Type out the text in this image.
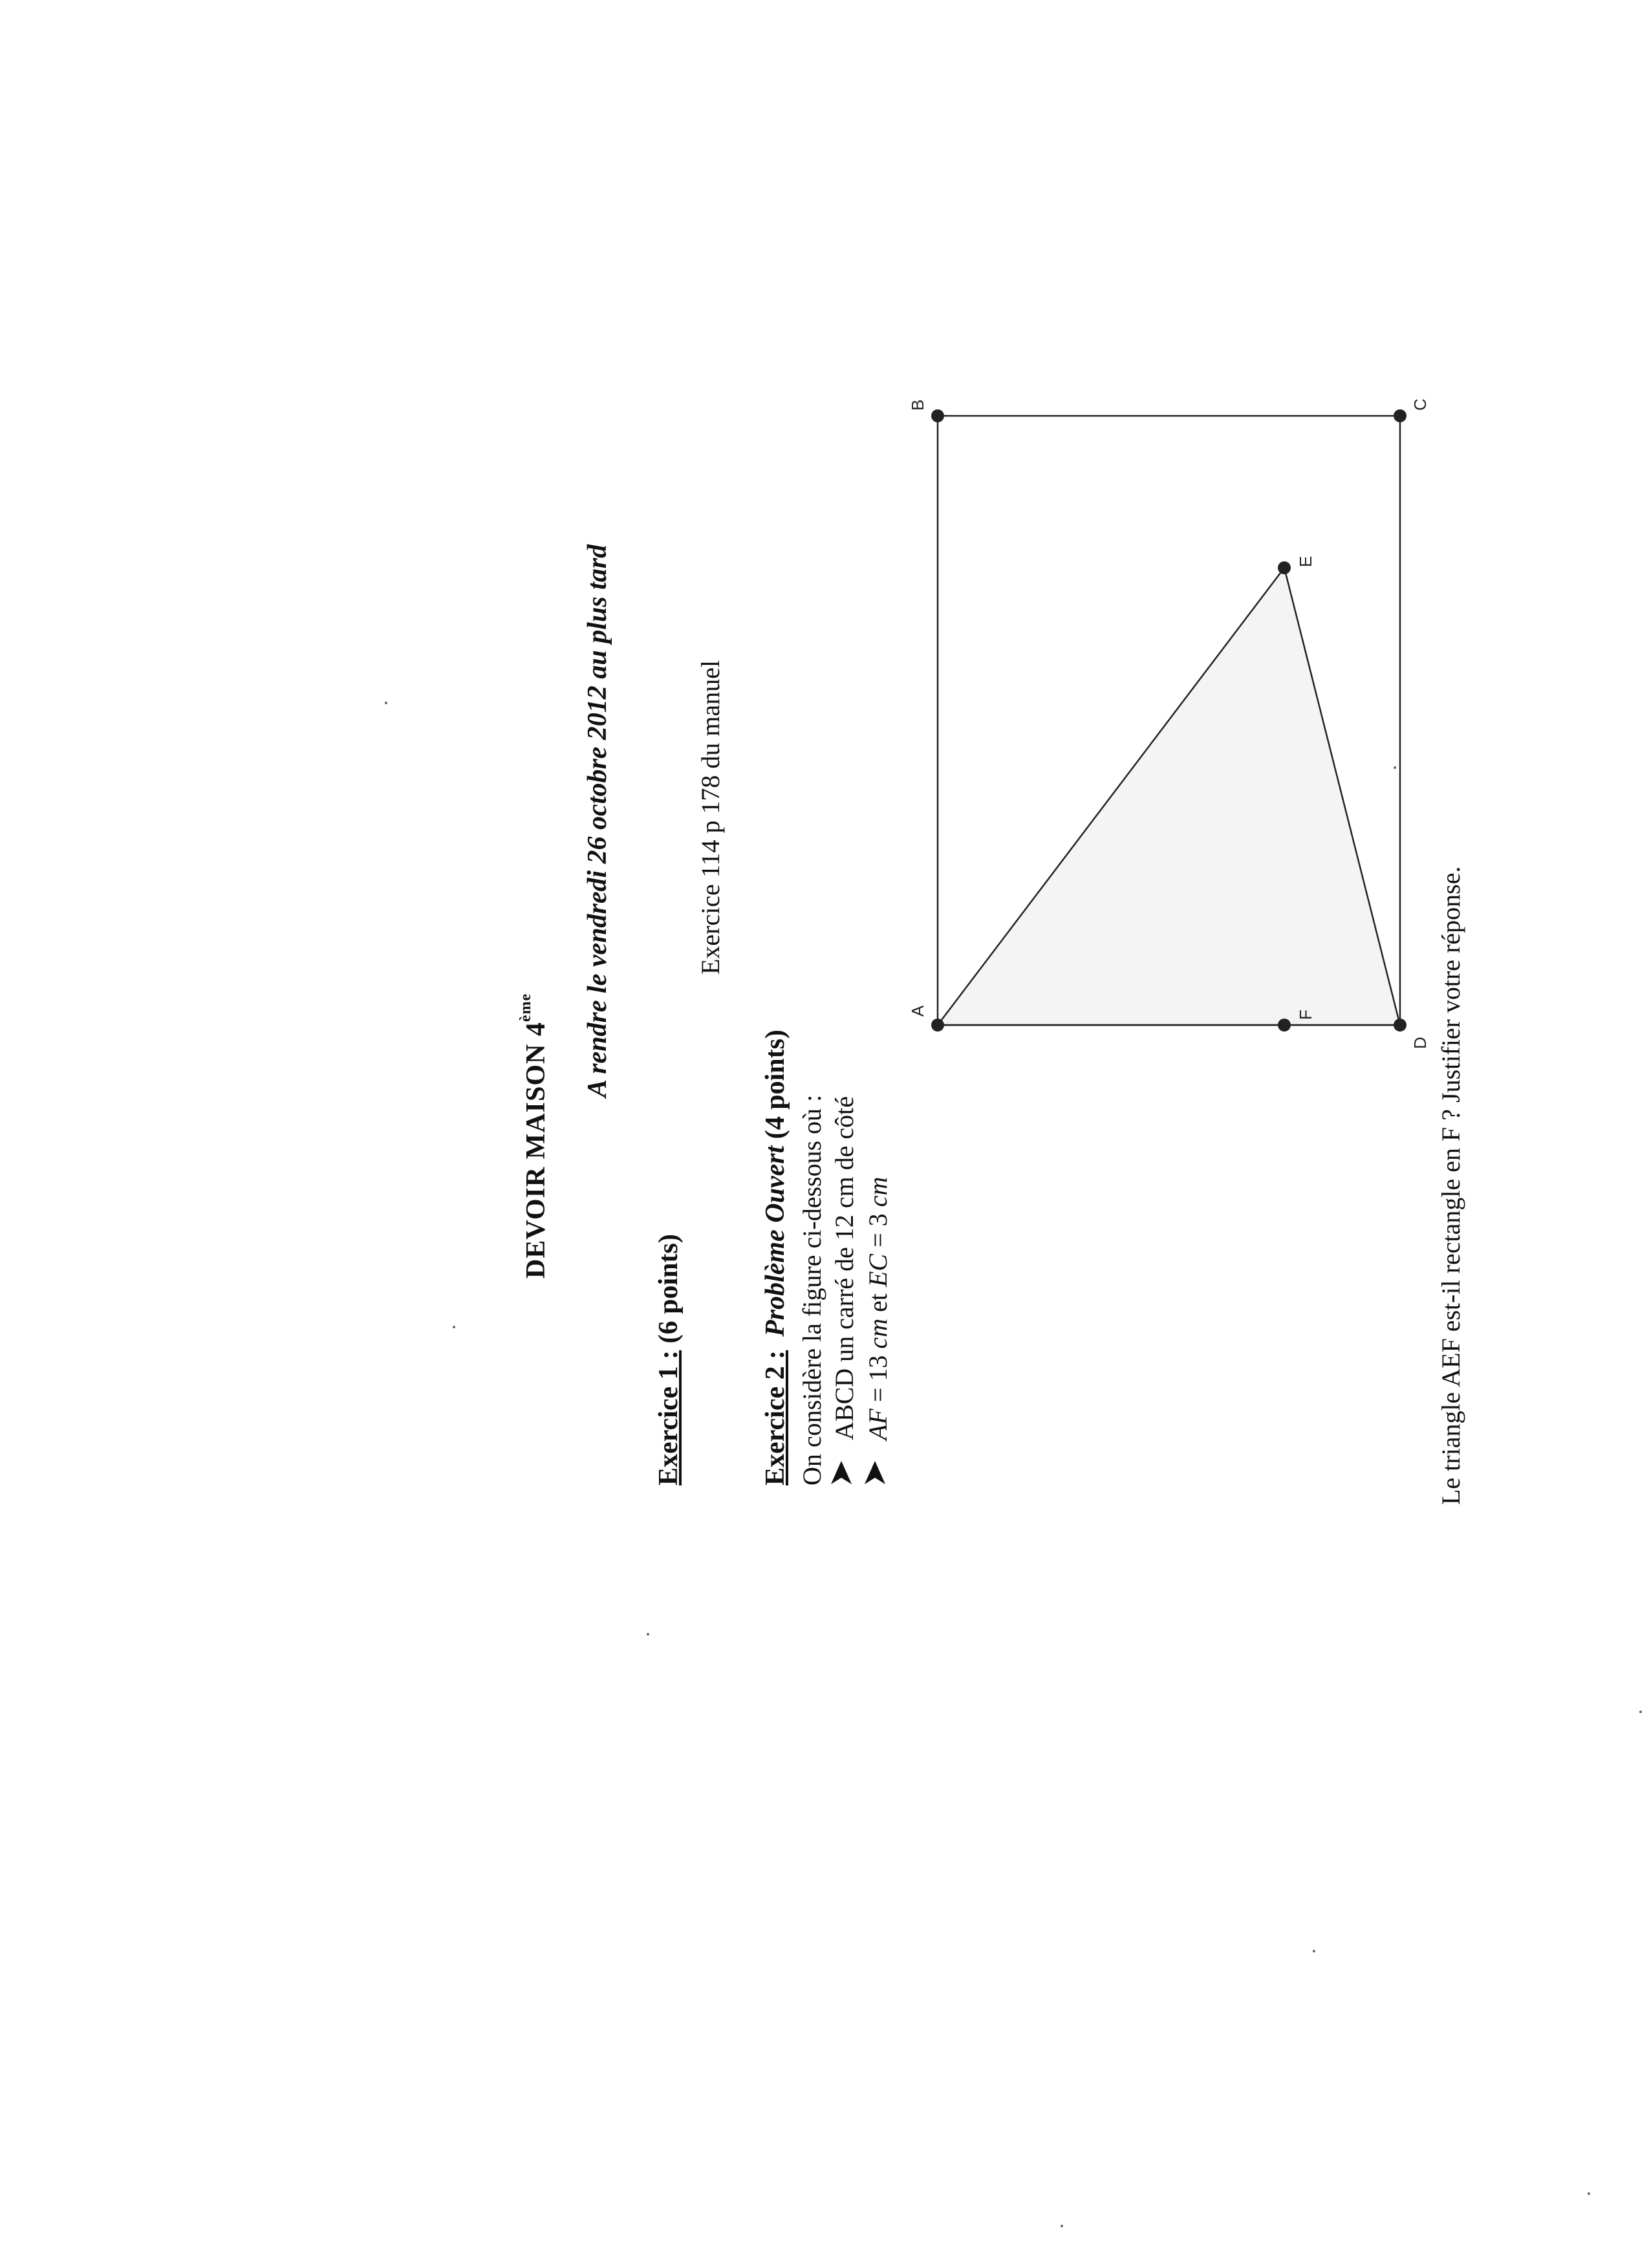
DEVOIR MAISON 4ème	A rendre le vendredi 26 octobre 2012 au plus tard
Exercice 1 : (6 points)
Exercice 114 p 178 du manuel
Exercice 2 :  Problème Ouvert (4 points)
On considère la figure ci-dessous où : ABCD un carré de 12 cm de côté AF = 13 cm et EC = 3 cm
A
B	C
D
E
F	Le triangle AEF est-il rectangle en F ? Justifier votre réponse.
